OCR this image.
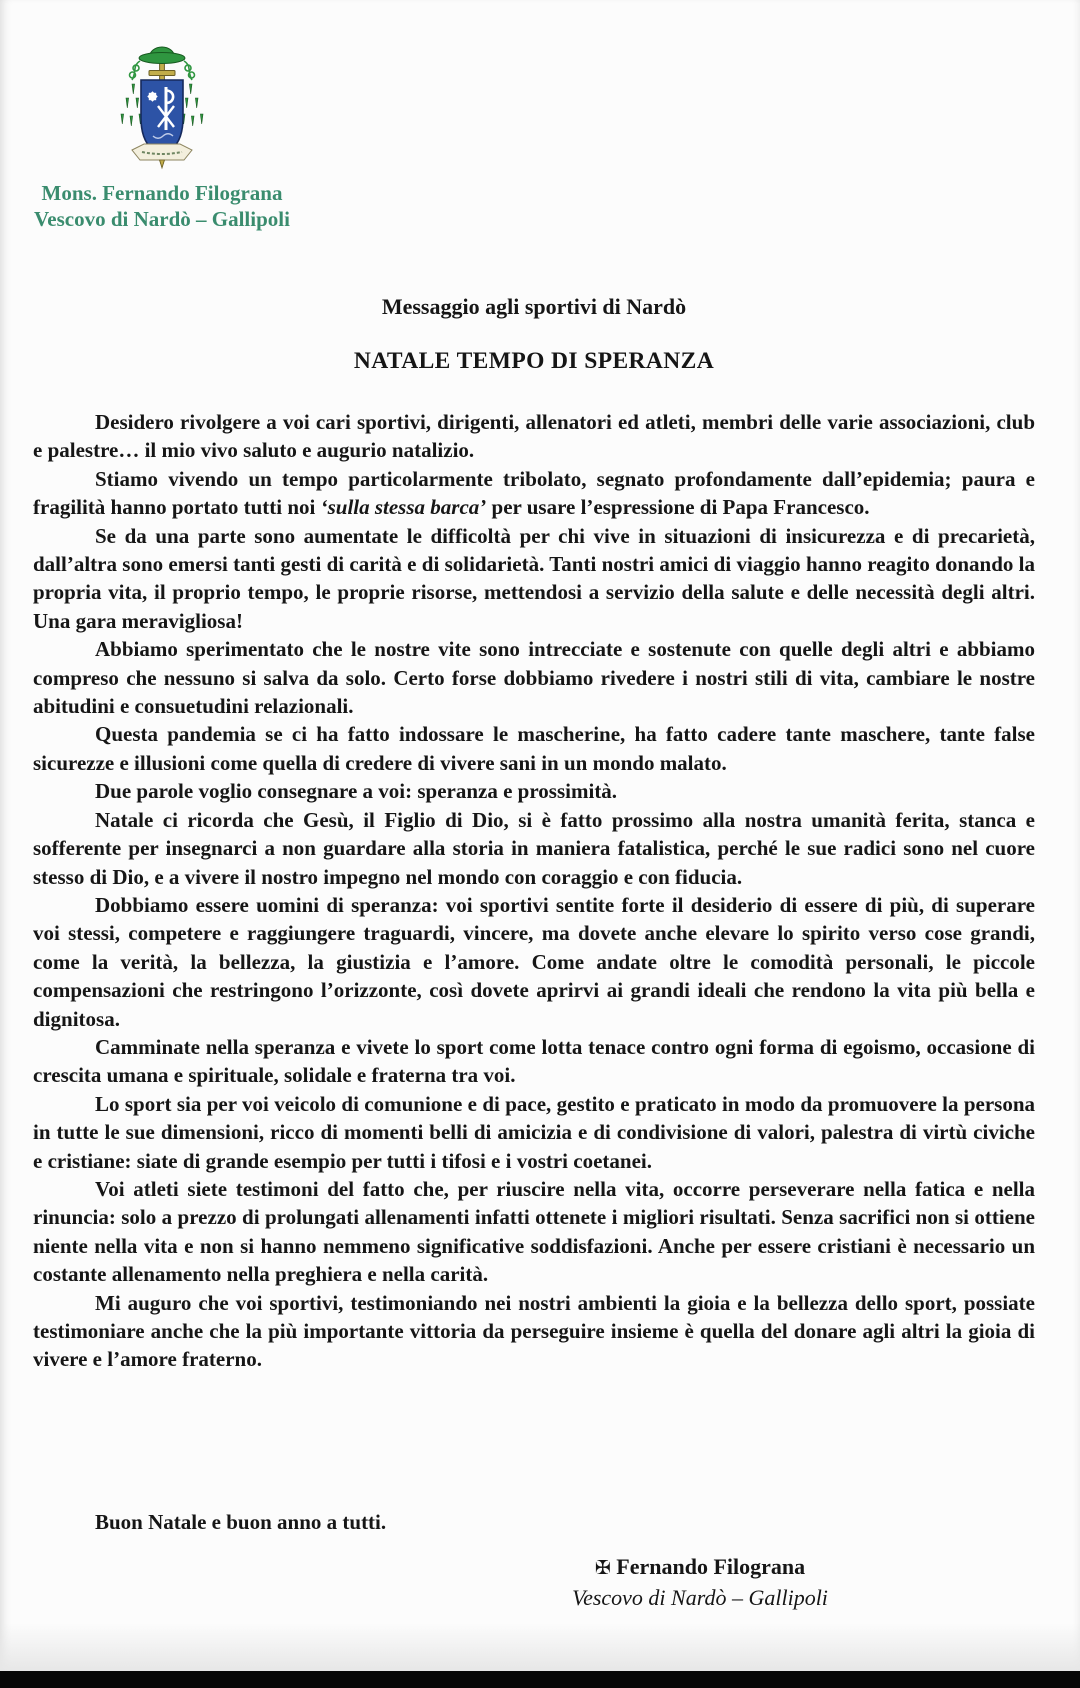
Mons. Fernando Filograna
Vescovo di Nardò – Gallipoli
Messaggio agli sportivi di Nardò
NATALE TEMPO DI SPERANZA

Desidero rivolgere a voi cari sportivi, dirigenti, allenatori ed atleti, membri delle varie associazioni, club e palestre… il mio vivo saluto e augurio natalizio.

Stiamo vivendo un tempo particolarmente tribolato, segnato profondamente dall’epidemia; paura e fragilità hanno portato tutti noi ‘sulla stessa barca’ per usare l’espressione di Papa Francesco.

Se da una parte sono aumentate le difficoltà per chi vive in situazioni di insicurezza e di precarietà, dall’altra sono emersi tanti gesti di carità e di solidarietà. Tanti nostri amici di viaggio hanno reagito donando la propria vita, il proprio tempo, le proprie risorse, mettendosi a servizio della salute e delle necessità degli altri. Una gara meravigliosa!

Abbiamo sperimentato che le nostre vite sono intrecciate e sostenute con quelle degli altri e abbiamo compreso che nessuno si salva da solo. Certo forse dobbiamo rivedere i nostri stili di vita, cambiare le nostre abitudini e consuetudini relazionali.

Questa pandemia se ci ha fatto indossare le mascherine, ha fatto cadere tante maschere, tante false sicurezze e illusioni come quella di credere di vivere sani in un mondo malato.

Due parole voglio consegnare a voi: speranza e prossimità.

Natale ci ricorda che Gesù, il Figlio di Dio, si è fatto prossimo alla nostra umanità ferita, stanca e sofferente per insegnarci a non guardare alla storia in maniera fatalistica, perché le sue radici sono nel cuore stesso di Dio, e a vivere il nostro impegno nel mondo con coraggio e con fiducia.

Dobbiamo essere uomini di speranza: voi sportivi sentite forte il desiderio di essere di più, di superare voi stessi, competere e raggiungere traguardi, vincere, ma dovete anche elevare lo spirito verso cose grandi, come la verità, la bellezza, la giustizia e l’amore. Come andate oltre le comodità personali, le piccole compensazioni che restringono l’orizzonte, così dovete aprirvi ai grandi ideali che rendono la vita più bella e dignitosa.

Camminate nella speranza e vivete lo sport come lotta tenace contro ogni forma di egoismo, occasione di crescita umana e spirituale, solidale e fraterna tra voi.

Lo sport sia per voi veicolo di comunione e di pace, gestito e praticato in modo da promuovere la persona in tutte le sue dimensioni, ricco di momenti belli di amicizia e di condivisione di valori, palestra di virtù civiche e cristiane: siate di grande esempio per tutti i tifosi e i vostri coetanei.

Voi atleti siete testimoni del fatto che, per riuscire nella vita, occorre perseverare nella fatica e nella rinuncia: solo a prezzo di prolungati allenamenti infatti ottenete i migliori risultati. Senza sacrifici non si ottiene niente nella vita e non si hanno nemmeno significative soddisfazioni. Anche per essere cristiani è necessario un costante allenamento nella preghiera e nella carità.

Mi auguro che voi sportivi, testimoniando nei nostri ambienti la gioia e la bellezza dello sport, possiate testimoniare anche che la più importante vittoria da perseguire insieme è quella del donare agli altri la gioia di vivere e l’amore fraterno.

Buon Natale e buon anno a tutti.
✠ Fernando Filograna
Vescovo di Nardò – Gallipoli
